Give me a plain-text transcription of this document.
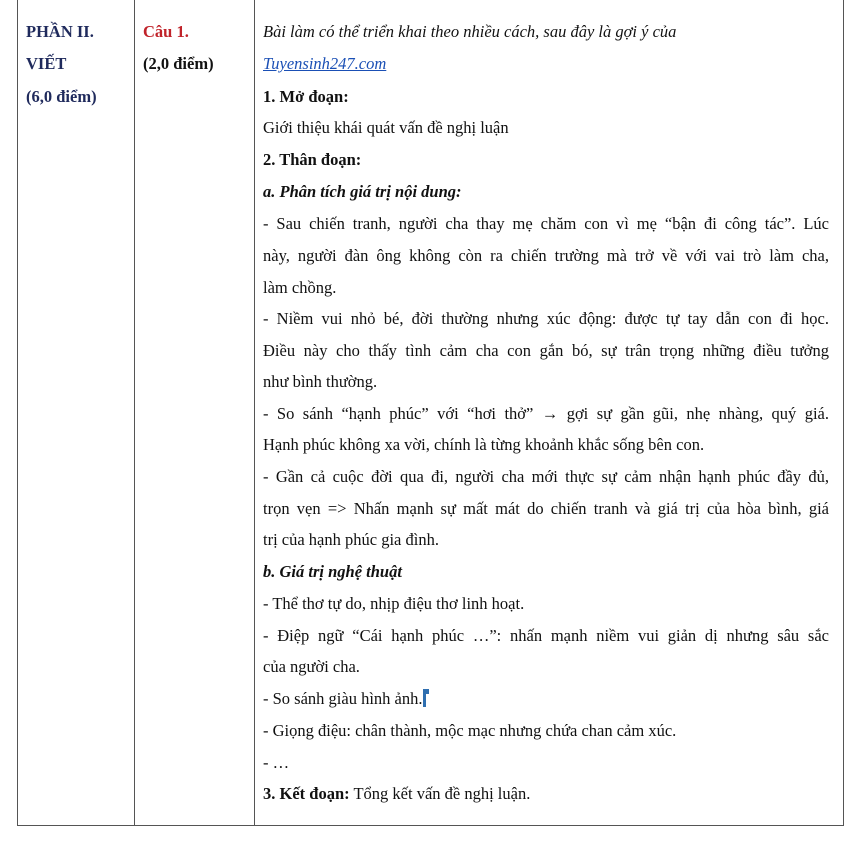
PHẦN II.
VIẾT
(6,0 điểm)
Câu 1.
(2,0 điểm)
Bài làm có thể triển khai theo nhiều cách, sau đây là gợi ý của
Tuyensinh247.com
1. Mở đoạn:
Giới thiệu khái quát vấn đề nghị luận
2. Thân đoạn:
a. Phân tích giá trị nội dung:
- Sau chiến tranh, người cha thay mẹ chăm con vì mẹ “bận đi công tác”. Lúc
này, người đàn ông không còn ra chiến trường mà trở về với vai trò làm cha,
làm chồng.
- Niềm vui nhỏ bé, đời thường nhưng xúc động: được tự tay dẫn con đi học.
Điều này cho thấy tình cảm cha con gắn bó, sự trân trọng những điều tưởng
như bình thường.
- So sánh “hạnh phúc” với “hơi thở” → gợi sự gần gũi, nhẹ nhàng, quý giá.
Hạnh phúc không xa vời, chính là từng khoảnh khắc sống bên con.
- Gần cả cuộc đời qua đi, người cha mới thực sự cảm nhận hạnh phúc đầy đủ,
trọn vẹn => Nhấn mạnh sự mất mát do chiến tranh và giá trị của hòa bình, giá
trị của hạnh phúc gia đình.
b. Giá trị nghệ thuật
- Thể thơ tự do, nhịp điệu thơ linh hoạt.
- Điệp ngữ “Cái hạnh phúc …”: nhấn mạnh niềm vui giản dị nhưng sâu sắc
của người cha.
- So sánh giàu hình ảnh.
- Giọng điệu: chân thành, mộc mạc nhưng chứa chan cảm xúc.
- …
3. Kết đoạn: Tổng kết vấn đề nghị luận.
